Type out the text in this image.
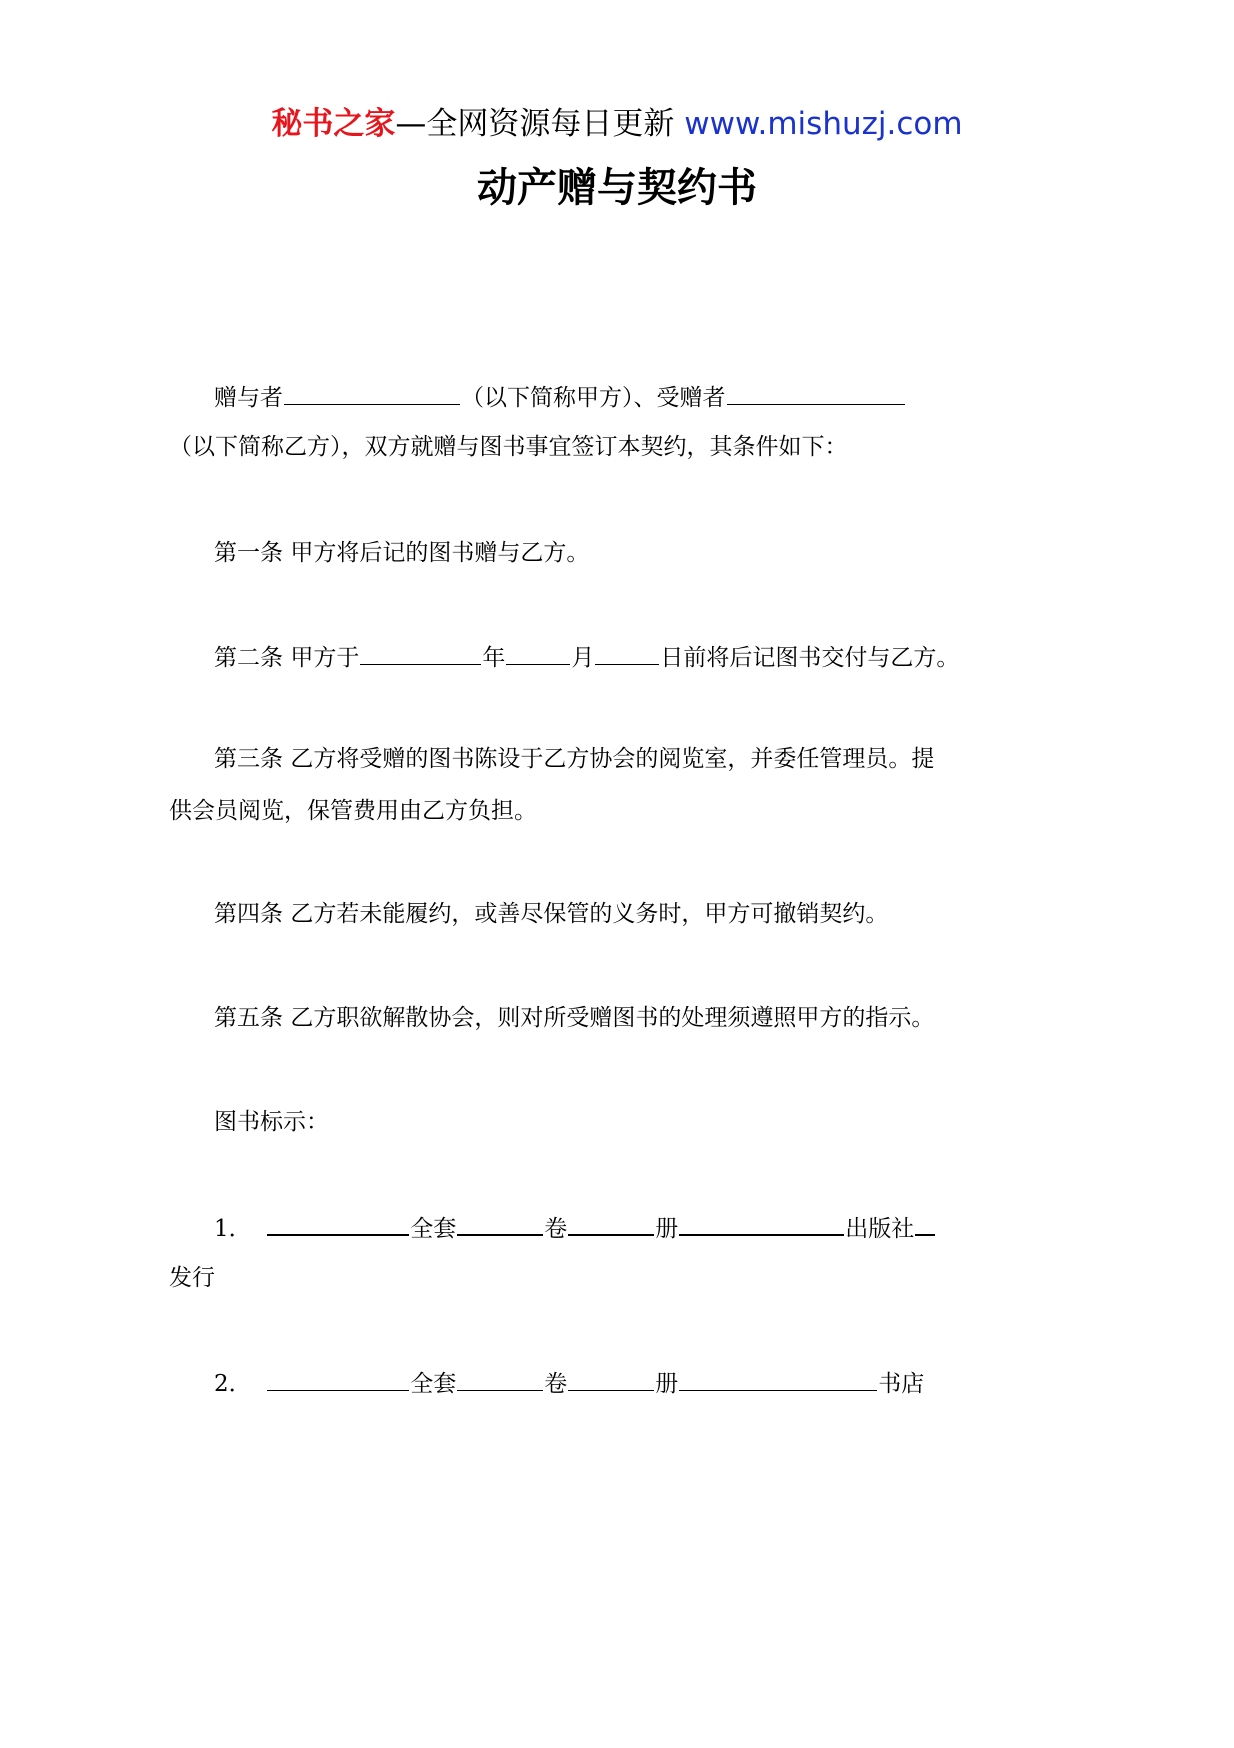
秘书之家—全网资源每日更新 www.mishuzj.com
动产赠与契约书
赠与者	（以下简称甲方）、受赠者
（以下简称乙方），双方就赠与图书事宜签订本契约，其条件如下：
第一条 甲方将后记的图书赠与乙方。
第二条 甲方于	年	月	日前将后记图书交付与乙方。
第三条 乙方将受赠的图书陈设于乙方协会的阅览室，并委任管理员。提
供会员阅览，保管费用由乙方负担。
第四条 乙方若未能履约，或善尽保管的义务时，甲方可撤销契约。
第五条 乙方职欲解散协会，则对所受赠图书的处理须遵照甲方的指示。
图书标示：
1．	全套	卷	册	出版社
发行
2．	全套	卷	册	书店
